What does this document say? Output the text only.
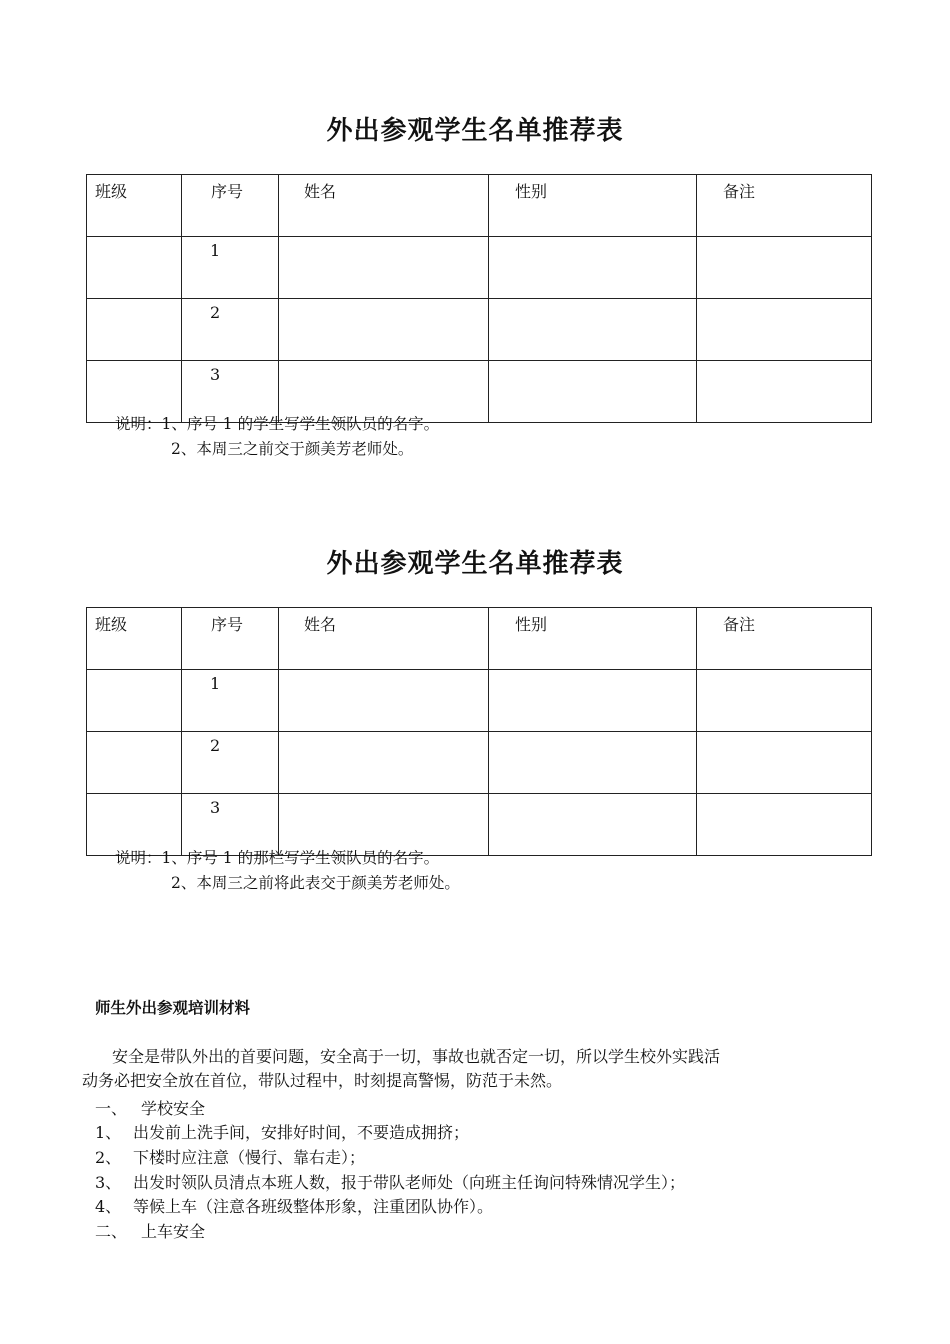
外出参观学生名单推荐表
班级	序号	姓名	性别	备注
	1			
	2			
	3			
说明：1、序号 1 的学生写学生领队员的名字。
2、本周三之前交于颜美芳老师处。
外出参观学生名单推荐表
班级	序号	姓名	性别	备注
	1			
	2			
	3			
说明：1、序号 1 的那栏写学生领队员的名字。
2、本周三之前将此表交于颜美芳老师处。
师生外出参观培训材料
安全是带队外出的首要问题，安全高于一切，事故也就否定一切，所以学生校外实践活
动务必把安全放在首位，带队过程中，时刻提高警惕，防范于未然。
一、 学校安全
1、 出发前上洗手间，安排好时间，不要造成拥挤；
2、 下楼时应注意（慢行、靠右走）；
3、 出发时领队员清点本班人数，报于带队老师处（向班主任询问特殊情况学生）；
4、 等候上车（注意各班级整体形象，注重团队协作）。
二、 上车安全
